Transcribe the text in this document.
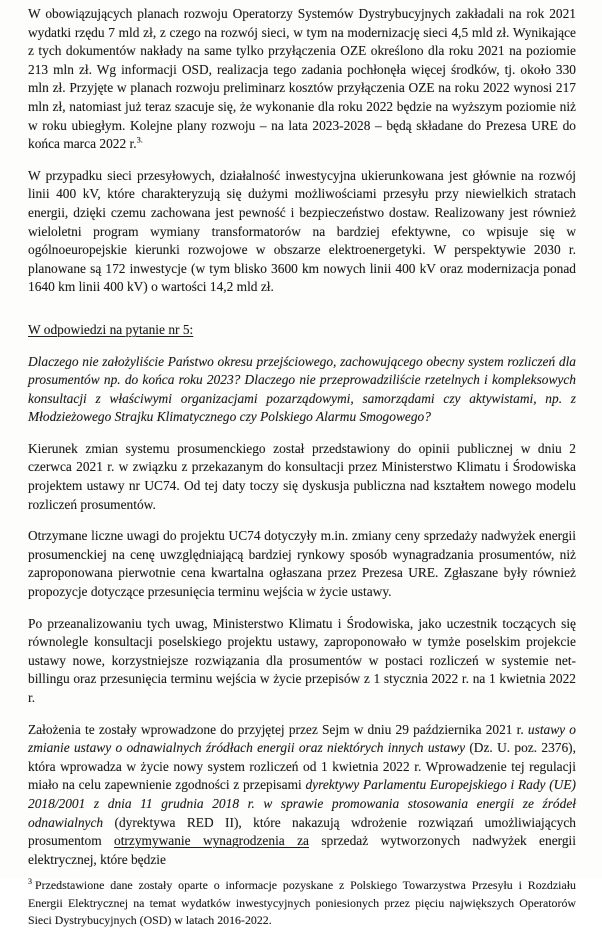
W obowiązujących planach rozwoju Operatorzy Systemów Dystrybucyjnych zakładali na rok 2021 wydatki rzędu 7 mld zł, z czego na rozwój sieci, w tym na modernizację sieci 4,5 mld zł. Wynikające z tych dokumentów nakłady na same tylko przyłączenia OZE określono dla roku 2021 na poziomie 213 mln zł. Wg informacji OSD, realizacja tego zadania pochłonęła więcej środków, tj. około 330 mln zł. Przyjęte w planach rozwoju preliminarz kosztów przyłączenia OZE na roku 2022 wynosi 217 mln zł, natomiast już teraz szacuje się, że wykonanie dla roku 2022 będzie na wyższym poziomie niż w roku ubiegłym. Kolejne plany rozwoju – na lata 2023-2028 – będą składane do Prezesa URE do końca marca 2022 r.$^{3.}$

W przypadku sieci przesyłowych, działalność inwestycyjna ukierunkowana jest głównie na rozwój linii 400 kV, które charakteryzują się dużymi możliwościami przesyłu przy niewielkich stratach energii, dzięki czemu zachowana jest pewność i bezpieczeństwo dostaw. Realizowany jest również wieloletni program wymiany transformatorów na bardziej efektywne, co wpisuje się w ogólnoeuropejskie kierunki rozwojowe w obszarze elektroenergetyki. W perspektywie 2030 r. planowane są 172 inwestycje (w tym blisko 3600 km nowych linii 400 kV oraz modernizacja ponad 1640 km linii 400 kV) o wartości 14,2 mld zł.

W odpowiedzi na pytanie nr 5:

Dlaczego nie założyliście Państwo okresu przejściowego, zachowującego obecny system rozliczeń dla prosumentów np. do końca roku 2023? Dlaczego nie przeprowadziliście rzetelnych i kompleksowych konsultacji z właściwymi organizacjami pozarządowymi, samorządami czy aktywistami, np. z Młodzieżowego Strajku Klimatycznego czy Polskiego Alarmu Smogowego?

Kierunek zmian systemu prosumenckiego został przedstawiony do opinii publicznej w dniu 2 czerwca 2021 r. w związku z przekazanym do konsultacji przez Ministerstwo Klimatu i Środowiska projektem ustawy nr UC74. Od tej daty toczy się dyskusja publiczna nad kształtem nowego modelu rozliczeń prosumentów.

Otrzymane liczne uwagi do projektu UC74 dotyczyły m.in. zmiany ceny sprzedaży nadwyżek energii prosumenckiej na cenę uwzględniającą bardziej rynkowy sposób wynagradzania prosumentów, niż zaproponowana pierwotnie cena kwartalna ogłaszana przez Prezesa URE. Zgłaszane były również propozycje dotyczące przesunięcia terminu wejścia w życie ustawy.

Po przeanalizowaniu tych uwag, Ministerstwo Klimatu i Środowiska, jako uczestnik toczących się równolegle konsultacji poselskiego projektu ustawy, zaproponowało w tymże poselskim projekcie ustawy nowe, korzystniejsze rozwiązania dla prosumentów w postaci rozliczeń w systemie net-billingu oraz przesunięcia terminu wejścia w życie przepisów z 1 stycznia 2022 r. na 1 kwietnia 2022 r.

Założenia te zostały wprowadzone do przyjętej przez Sejm w dniu 29 października 2021 r. ustawy o zmianie ustawy o odnawialnych źródłach energii oraz niektórych innych ustawy (Dz. U. poz. 2376), która wprowadza w życie nowy system rozliczeń od 1 kwietnia 2022 r. Wprowadzenie tej regulacji miało na celu zapewnienie zgodności z przepisami dyrektywy Parlamentu Europejskiego i Rady (UE) 2018/2001 z dnia 11 grudnia 2018 r. w sprawie promowania stosowania energii ze źródeł odnawialnych (dyrektywa RED II), które nakazują wdrożenie rozwiązań umożliwiających prosumentom otrzymywanie wynagrodzenia za sprzedaż wytworzonych nadwyżek energii elektrycznej, które będzie

$^3$ Przedstawione dane zostały oparte o informacje pozyskane z Polskiego Towarzystwa Przesyłu i Rozdziału Energii Elektrycznej na temat wydatków inwestycyjnych poniesionych przez pięciu największych Operatorów Sieci Dystrybucyjnych (OSD) w latach 2016-2022.
